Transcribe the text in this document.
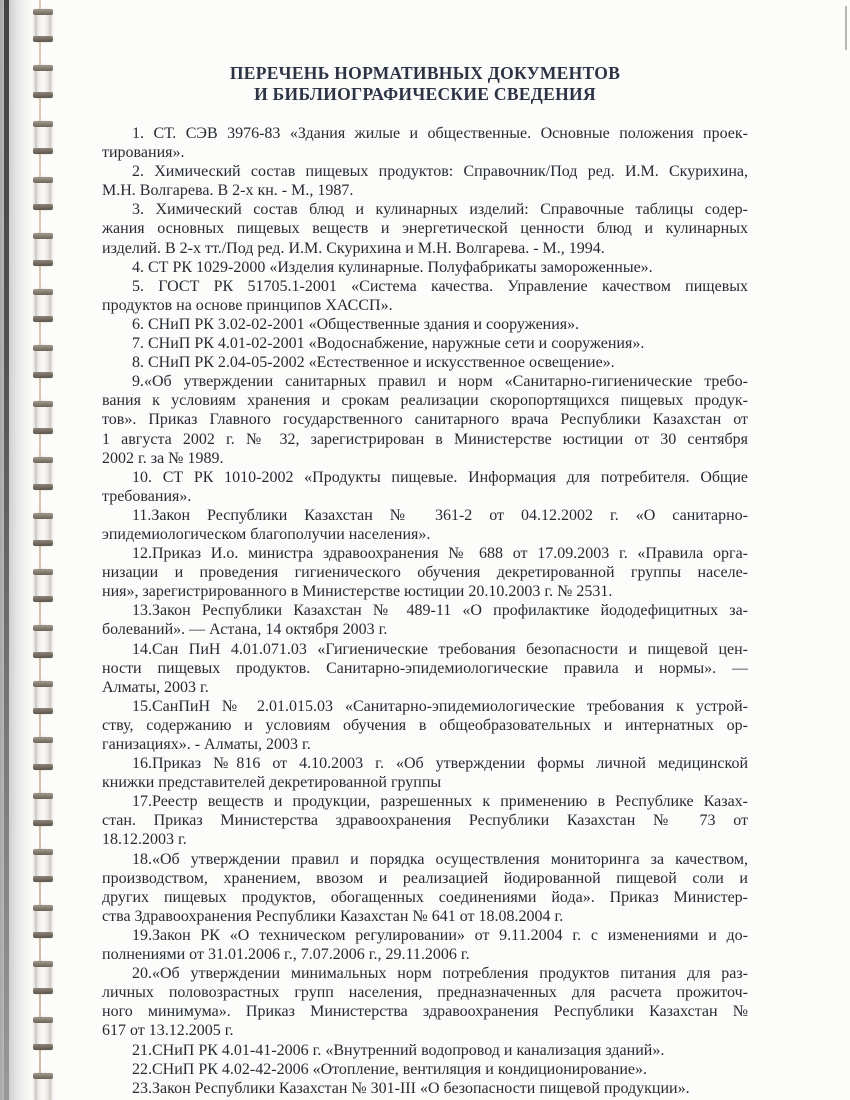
ПЕРЕЧЕНЬ НОРМАТИВНЫХ ДОКУМЕНТОВ
И БИБЛИОГРАФИЧЕСКИЕ СВЕДЕНИЯ

1. СТ. СЭВ 3976-83 «Здания жилые и общественные. Основные положения проек-
тирования».

2. Химический состав пищевых продуктов: Справочник/Под ред. И.М. Скурихина,
М.Н. Волгарева. В 2-х кн. - М., 1987.

3. Химический состав блюд и кулинарных изделий: Справочные таблицы содер-
жания основных пищевых веществ и энергетической ценности блюд и кулинарных
изделий. В 2-х тт./Под ред. И.М. Скурихина и М.Н. Волгарева. - М., 1994.

4. СТ РК 1029-2000 «Изделия кулинарные. Полуфабрикаты замороженные».

5. ГОСТ РК 51705.1-2001 «Система качества. Управление качеством пищевых
продуктов на основе принципов ХАССП».

6. СНиП РК 3.02-02-2001 «Общественные здания и сооружения».

7. СНиП РК 4.01-02-2001 «Водоснабжение, наружные сети и сооружения».

8. СНиП РК 2.04-05-2002 «Естественное и искусственное освещение».

9.«Об утверждении санитарных правил и норм «Санитарно-гигиенические требо-
вания к условиям хранения и срокам реализации скоропортящихся пищевых продук-
тов». Приказ Главного государственного санитарного врача Республики Казахстан от
1 августа 2002 г. № 32, зарегистрирован в Министерстве юстиции от 30 сентября
2002 г. за № 1989.

10. СТ РК 1010-2002 «Продукты пищевые. Информация для потребителя. Общие
требования».

11.Закон Республики Казахстан № 361-2 от 04.12.2002 г. «О санитарно-
эпидемиологическом благополучии населения».

12.Приказ И.о. министра здравоохранения № 688 от 17.09.2003 г. «Правила орга-
низации и проведения гигиенического обучения декретированной группы населе-
ния», зарегистрированного в Министерстве юстиции 20.10.2003 г. № 2531.

13.Закон Республики Казахстан № 489-11 «О профилактике йододефицитных за-
болеваний». — Астана, 14 октября 2003 г.

14.Сан ПиН 4.01.071.03 «Гигиенические требования безопасности и пищевой цен-
ности пищевых продуктов. Санитарно-эпидемиологические правила и нормы». —
Алматы, 2003 г.

15.СанПиН № 2.01.015.03 «Санитарно-эпидемиологические требования к устрой-
ству, содержанию и условиям обучения в общеобразовательных и интернатных ор-
ганизациях». - Алматы, 2003 г.

16.Приказ №816 от 4.10.2003 г. «Об утверждении формы личной медицинской
книжки представителей декретированной группы

17.Реестр веществ и продукции, разрешенных к применению в Республике Казах-
стан. Приказ Министерства здравоохранения Республики Казахстан № 73 от
18.12.2003 г.

18.«Об утверждении правил и порядка осуществления мониторинга за качеством,
производством, хранением, ввозом и реализацией йодированной пищевой соли и
других пищевых продуктов, обогащенных соединениями йода». Приказ Министер-
ства Здравоохранения Республики Казахстан № 641 от 18.08.2004 г.

19.Закон РК «О техническом регулировании» от 9.11.2004 г. с изменениями и до-
полнениями от 31.01.2006 г., 7.07.2006 г., 29.11.2006 г.

20.«Об утверждении минимальных норм потребления продуктов питания для раз-
личных половозрастных групп населения, предназначенных для расчета прожиточ-
ного минимума». Приказ Министерства здравоохранения Республики Казахстан №
617 от 13.12.2005 г.

21.СНиП РК 4.01-41-2006 г. «Внутренний водопровод и канализация зданий».

22.СНиП РК 4.02-42-2006 «Отопление, вентиляция и кондиционирование».

23.Закон Республики Казахстан № 301-III «О безопасности пищевой продукции».
